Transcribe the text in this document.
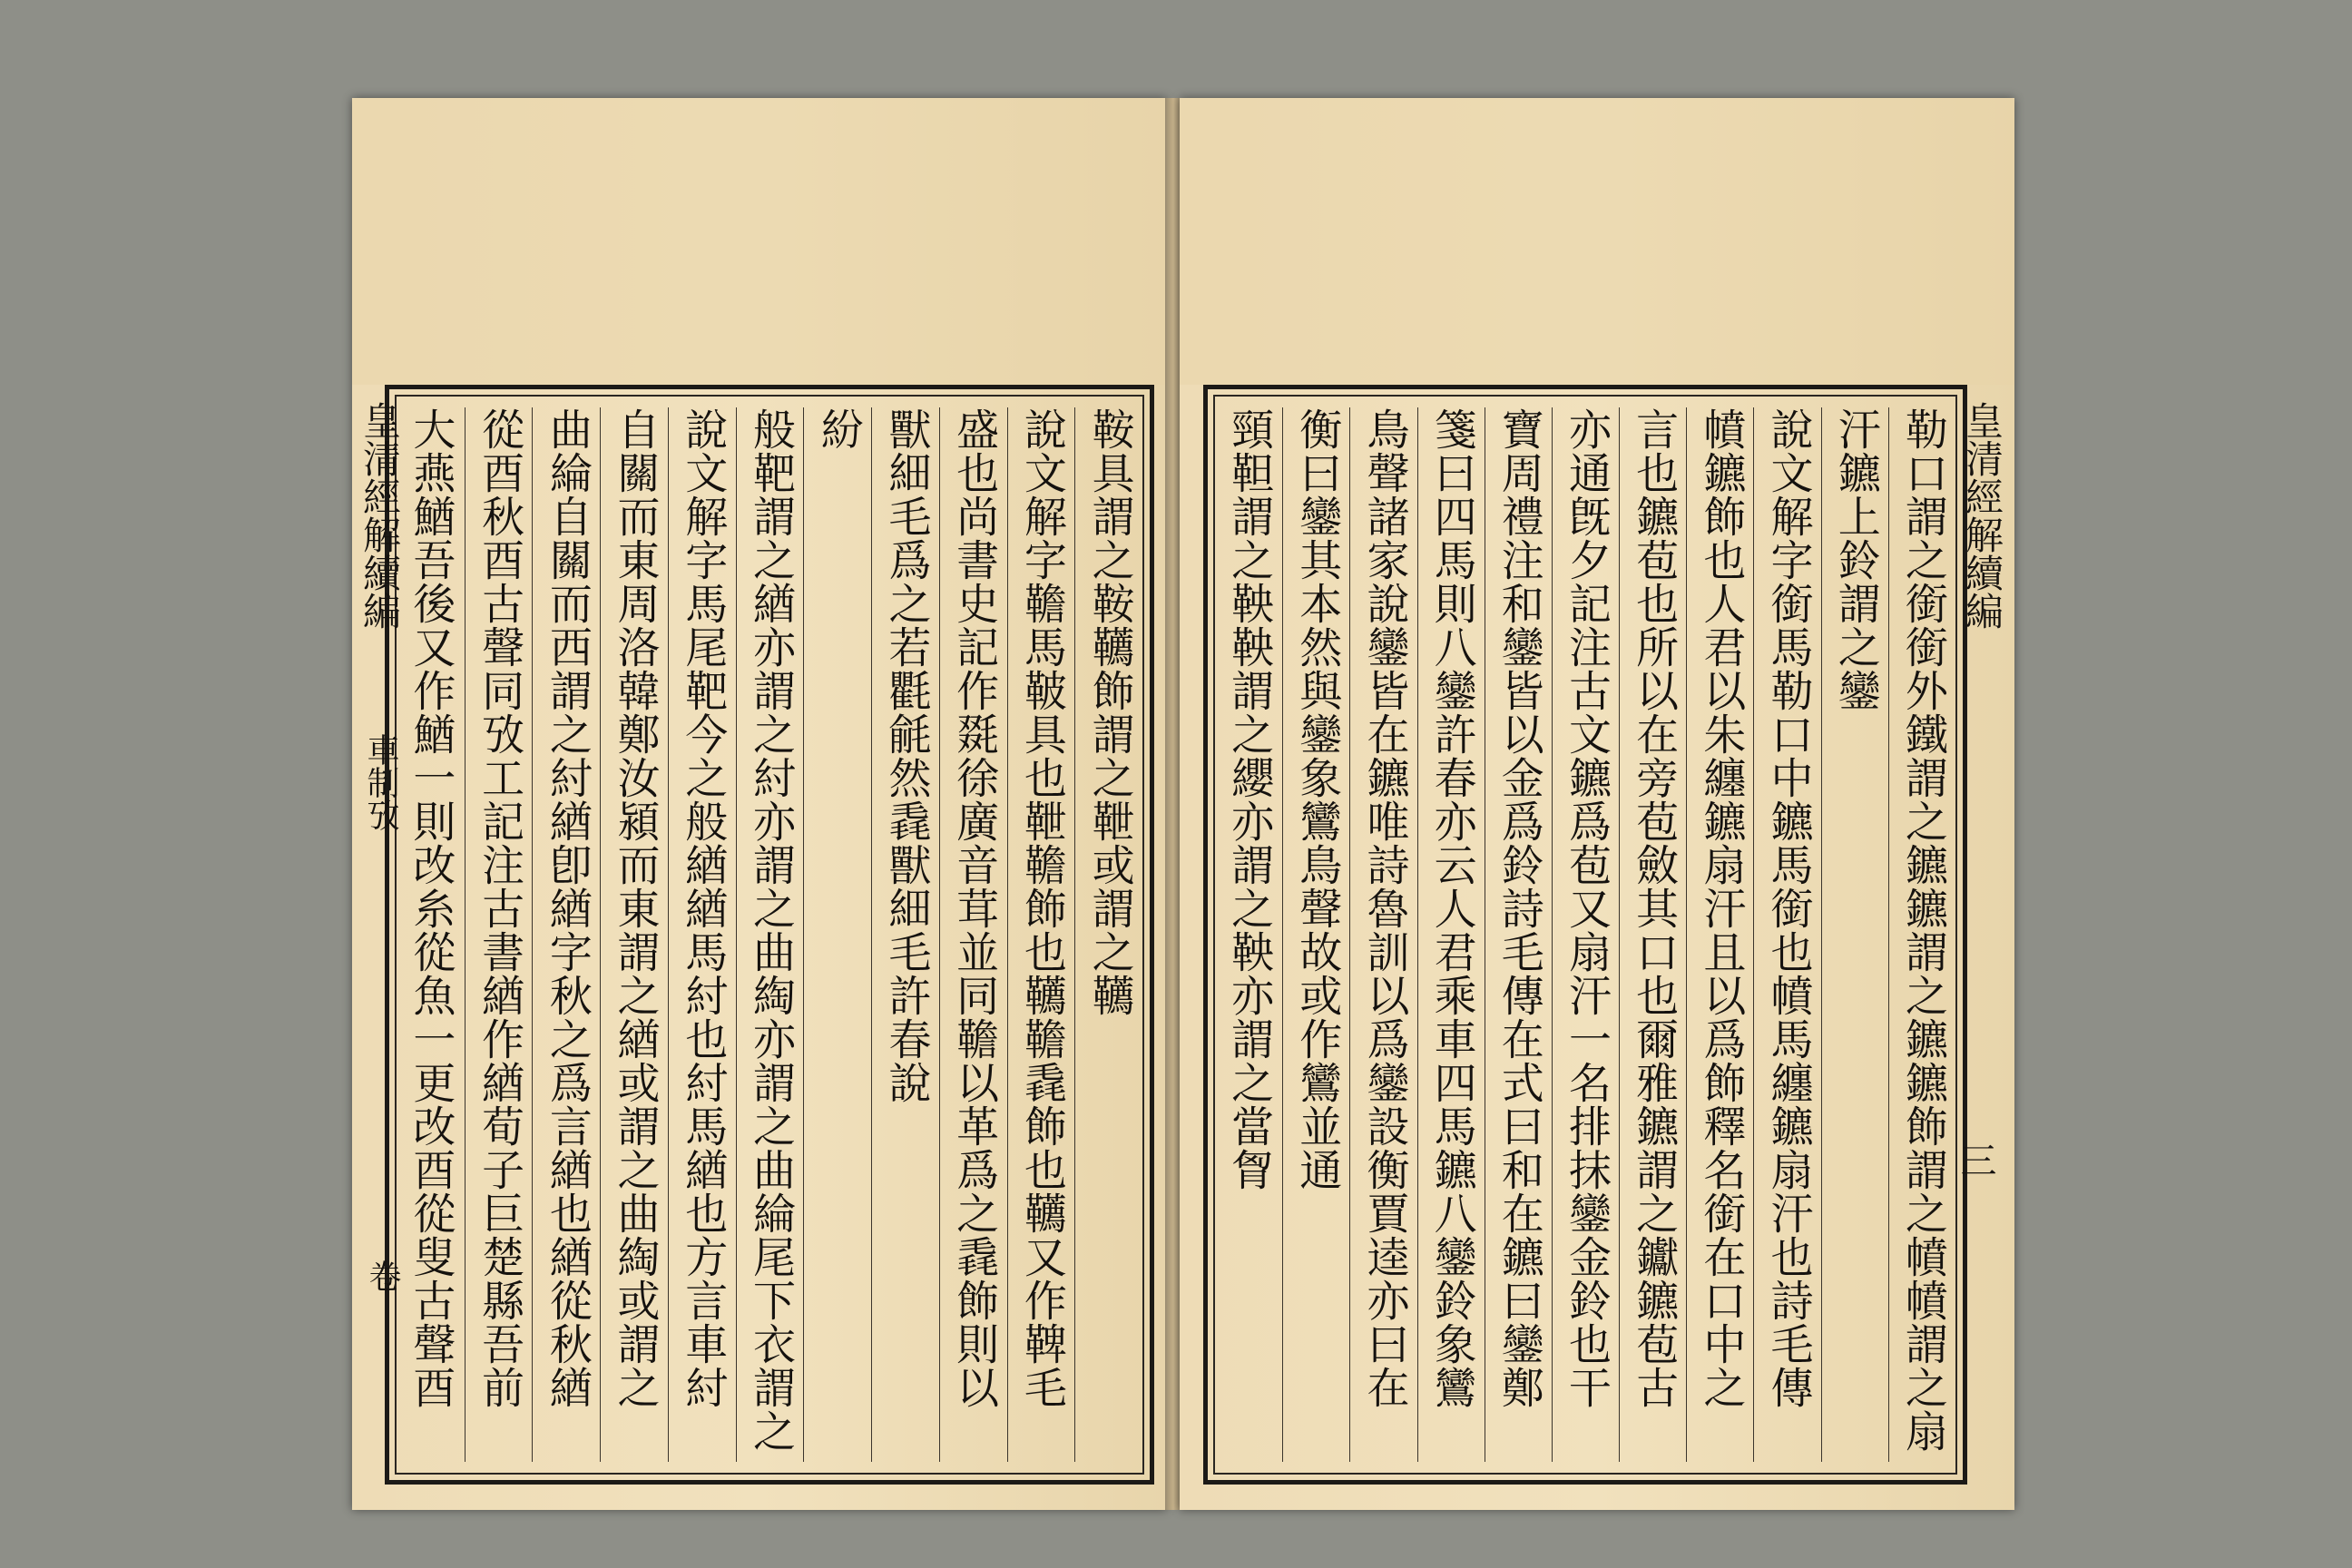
鞍具謂之鞍韉飾謂之靾或謂之韉
說文解字韂馬鞁具也靾韂飾也韉韂毳飾也韉又作鞞毛
盛也尚書史記作毲徐廣音茸並同韂以革爲之毳飾則以
獸細毛爲之若氍毹然毳獸細毛許春說
紛
般靶謂之緧亦謂之紂亦謂之曲綯亦謂之曲綸尾下衣謂之
說文解字馬尾靶今之般緧緧馬紂也紂馬緧也方言車紂
自關而東周洛韓鄭汝潁而東謂之緧或謂之曲綯或謂之
曲綸自關而西謂之紂緧卽緧字秋之爲言緧也緧從秋緧
從酉秋酉古聲同攷工記注古書緧作緧荀子巨楚縣吾前
大燕鰌吾後又作鰌一則改糸從魚一更改酉從叟古聲酉
皇清經解續編
車制攷
卷	勒口謂之銜銜外鐵謂之鑣鑣謂之鑣鑣飾謂之幩幩謂之扇
汗鑣上鈴謂之鑾
說文解字銜馬勒口中鑣馬銜也幩馬纏鑣扇汗也詩毛傳
幩鑣飾也人君以朱纏鑣扇汗且以爲飾釋名銜在口中之
言也鑣苞也所以在旁苞斂其口也爾雅鑣謂之钀鑣苞古
亦通旣夕記注古文鑣爲苞又扇汗一名排抹鑾金鈴也干
寶周禮注和鑾皆以金爲鈴詩毛傳在式曰和在鑣曰鑾鄭
箋曰四馬則八鑾許春亦云人君乘車四馬鑣八鑾鈴象鸞
鳥聲諸家說鑾皆在鑣唯詩魯訓以爲鑾設衡賈逵亦曰在
衡曰鑾其本然與鑾象鸞鳥聲故或作鸞並通
頸靼謂之鞅鞅謂之纓亦謂之鞅亦謂之當胷	皇清經解續編
三
